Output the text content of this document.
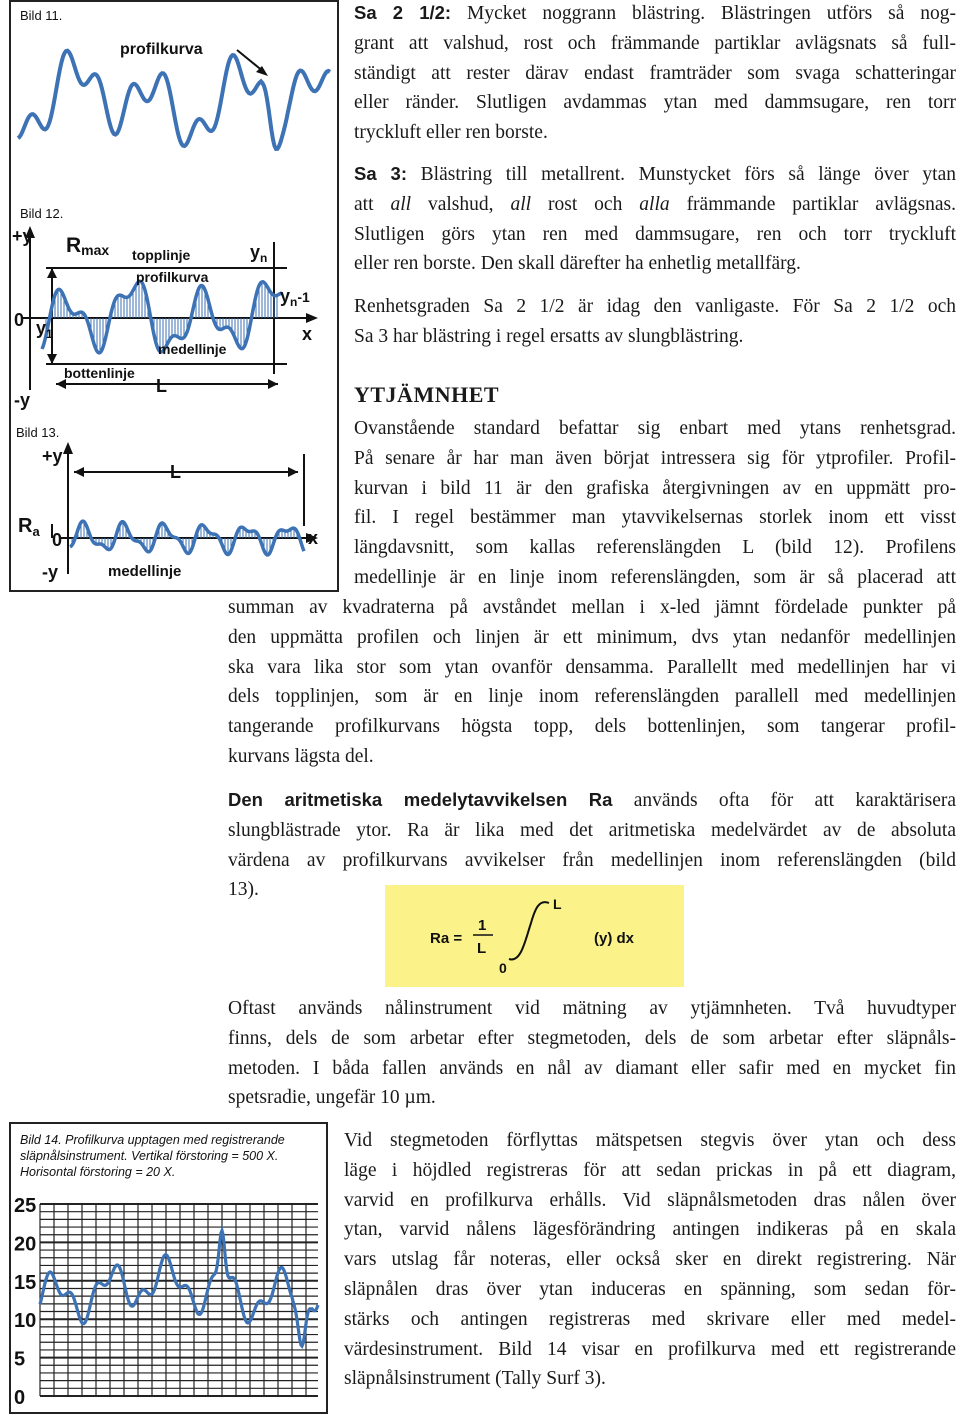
Bild 11.
profilkurva
Bild 12.
+y
-y
0
Rmax
$y_1$
$y_n$
$y_n^{-1}$
x
topplinje
profilkurva
medellinje
bottenlinje
L
Bild 13.
+y
-y
0
$R_a$	x
L
medellinje
Bild 14. Profilkurva upptagen med registrerande
släpnålsinstrument. Vertikal förstoring = 500 X.
Horisontal förstoring = 20 X.
25
20
15
10
5
0
Sa 2 1/2: Mycket noggrann blästring. Blästringen utförs så nog-
grant att valshud, rost och främmande partiklar avlägsnats så full-
ständigt att rester därav endast framträder som svaga schatteringar
eller ränder. Slutligen avdammas ytan med dammsugare, ren torr
tryckluft eller ren borste.
Sa 3: Blästring till metallrent. Munstycket förs så länge över ytan
att all valshud, all rost och alla främmande partiklar avlägsnas.
Slutligen görs ytan ren med dammsugare, ren och torr tryckluft
eller ren borste. Den skall därefter ha enhetlig metallfärg.
Renhetsgraden Sa 2 1/2 är idag den vanligaste. För Sa 2 1/2 och
Sa 3 har blästring i regel ersatts av slungblästring.
YTJÄMNHET
Ovanstående standard befattar sig enbart med ytans renhetsgrad.
På senare år har man även börjat intressera sig för ytprofiler. Profil-
kurvan i bild 11 är den grafiska återgivningen av en uppmätt pro-
fil. I regel bestämmer man ytavvikelsernas storlek inom ett visst
längdavsnitt, som kallas referenslängden L (bild 12). Profilens
medellinje är en linje inom referenslängden, som är så placerad att
summan av kvadraterna på avståndet mellan i x-led jämnt fördelade punkter på
den uppmätta profilen och linjen är ett minimum, dvs ytan nedanför medellinjen
ska vara lika stor som ytan ovanför densamma. Parallellt med medellinjen har vi
dels topplinjen, som är en linje inom referenslängden parallell med medellinjen
tangerande profilkurvans högsta topp, dels bottenlinjen, som tangerar profil-
kurvans lägsta del.
Den aritmetiska medelytavvikelsen Ra används ofta för att karaktärisera
slungblästrade ytor. Ra är lika med det aritmetiska medelvärdet av de absoluta
värdena av profilkurvans avvikelser från medellinjen inom referenslängden (bild
13).
Ra =
1
L
L
0
(y) dx
Oftast används nålinstrument vid mätning av ytjämnheten. Två huvudtyper
finns, dels de som arbetar efter stegmetoden, dels de som arbetar efter släpnåls-
metoden. I båda fallen används en nål av diamant eller safir med en mycket fin
spetsradie, ungefär 10 µm.
Vid stegmetoden förflyttas mätspetsen stegvis över ytan och dess
läge i höjdled registreras för att sedan prickas in på ett diagram,
varvid en profilkurva erhålls. Vid släpnålsmetoden dras nålen över
ytan, varvid nålens lägesförändring antingen indikeras på en skala
vars utslag får noteras, eller också sker en direkt registrering. När
släpnålen dras över ytan induceras en spänning, som sedan för-
stärks och antingen registreras med skrivare eller med medel-
värdesinstrument. Bild 14 visar en profilkurva med ett registrerande
släpnålsinstrument (Tally Surf 3).
